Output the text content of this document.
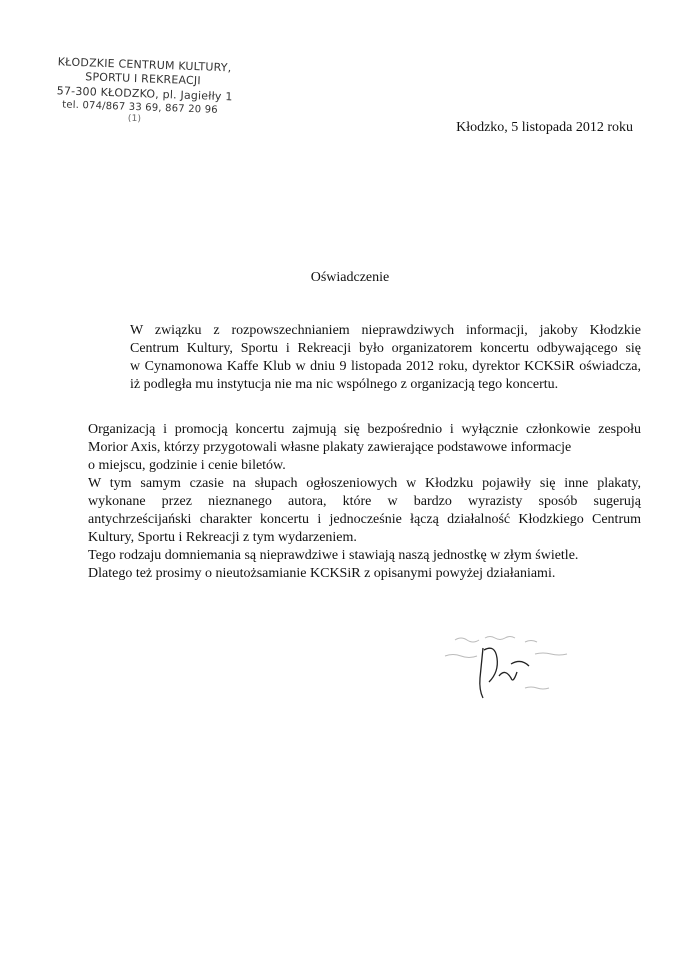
KŁODZKIE CENTRUM KULTURY,
SPORTU I REKREACJI
57-300 KŁODZKO, pl. Jagiełły 1
tel. 074/867 33 69, 867 20 96
(1)
Kłodzko, 5 listopada 2012 roku
Oświadczenie
W związku z rozpowszechnianiem nieprawdziwych informacji, jakoby Kłodzkie
Centrum Kultury, Sportu i Rekreacji było organizatorem koncertu odbywającego się
w Cynamonowa Kaffe Klub w dniu 9 listopada 2012 roku, dyrektor KCKSiR oświadcza,
iż podległa mu instytucja nie ma nic wspólnego z organizacją tego koncertu.
Organizacją i promocją koncertu zajmują się bezpośrednio i wyłącznie członkowie zespołu
Morior Axis, którzy przygotowali własne plakaty zawierające podstawowe informacje
o miejscu, godzinie i cenie biletów.
W tym samym czasie na słupach ogłoszeniowych w Kłodzku pojawiły się inne plakaty,
wykonane przez nieznanego autora, które w bardzo wyrazisty sposób sugerują
antychrześcijański charakter koncertu i jednocześnie łączą działalność Kłodzkiego Centrum
Kultury, Sportu i Rekreacji z tym wydarzeniem.
Tego rodzaju domniemania są nieprawdziwe i stawiają naszą jednostkę w złym świetle.
Dlatego też prosimy o nieutożsamianie KCKSiR z opisanymi powyżej działaniami.
